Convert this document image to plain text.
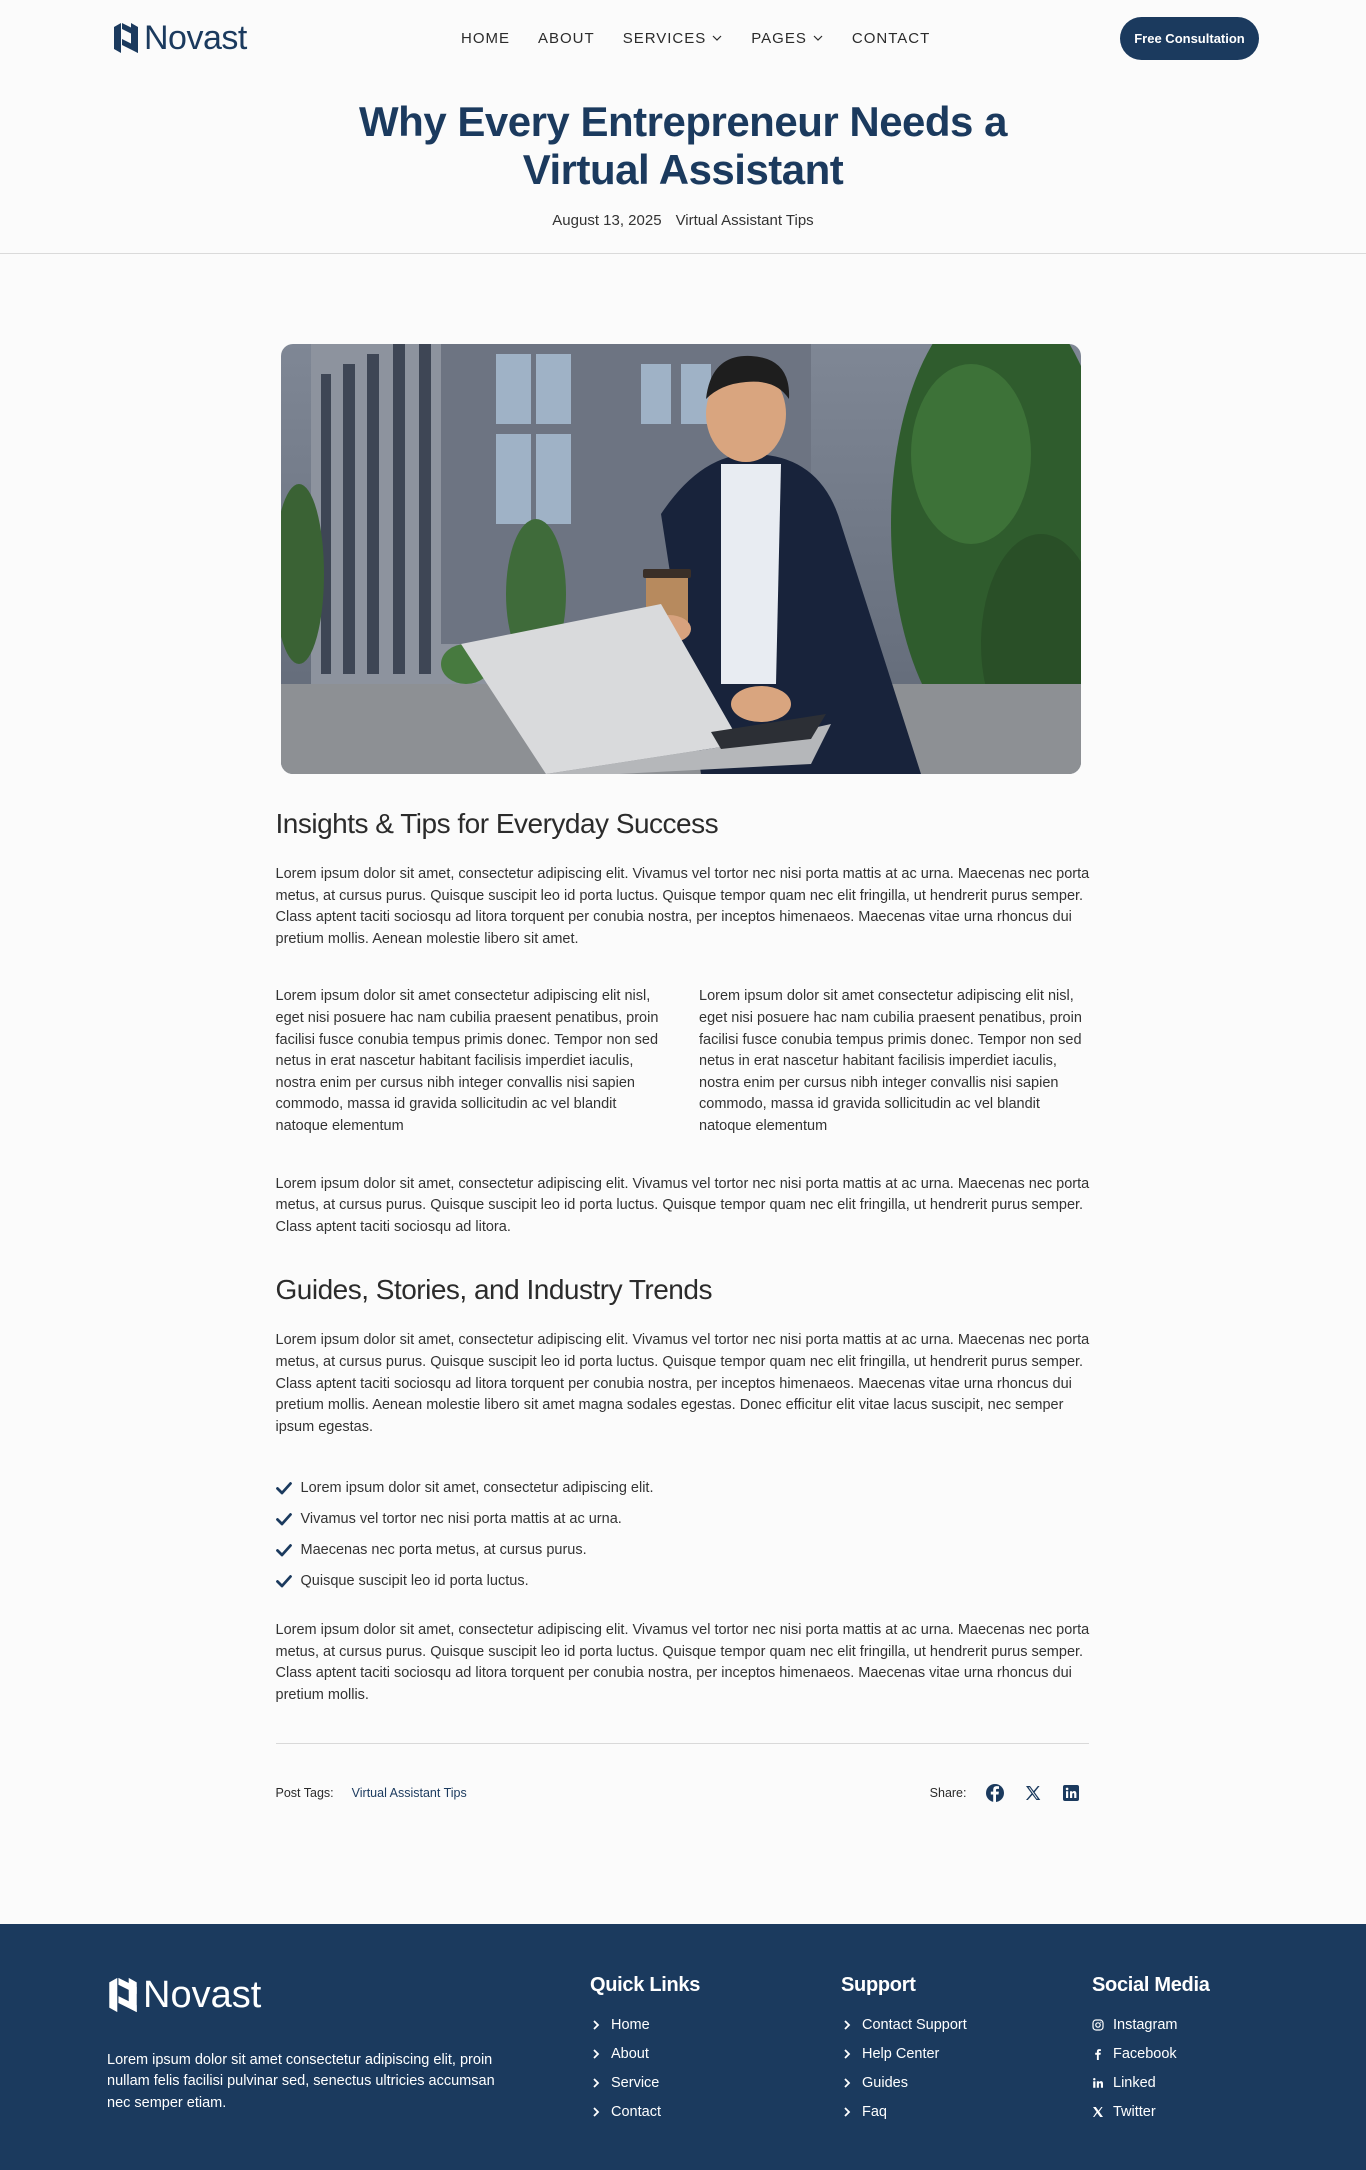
Novast	HOME ABOUT SERVICES	PAGES	CONTACT	Free Consultation
Why Every Entrepreneur Needs a Virtual Assistant
August 13, 2025 Virtual Assistant Tips
Insights & Tips for Everyday Success

Lorem ipsum dolor sit amet, consectetur adipiscing elit. Vivamus vel tortor nec nisi porta mattis at ac urna. Maecenas nec porta metus, at cursus purus. Quisque suscipit leo id porta luctus. Quisque tempor quam nec elit fringilla, ut hendrerit purus semper. Class aptent taciti sociosqu ad litora torquent per conubia nostra, per inceptos himenaeos. Maecenas vitae urna rhoncus dui pretium mollis. Aenean molestie libero sit amet.

Lorem ipsum dolor sit amet consectetur adipiscing elit nisl, eget nisi posuere hac nam cubilia praesent penatibus, proin facilisi fusce conubia tempus primis donec. Tempor non sed netus in erat nascetur habitant facilisis imperdiet iaculis, nostra enim per cursus nibh integer convallis nisi sapien commodo, massa id gravida sollicitudin ac vel blandit natoque elementum

Lorem ipsum dolor sit amet consectetur adipiscing elit nisl, eget nisi posuere hac nam cubilia praesent penatibus, proin facilisi fusce conubia tempus primis donec. Tempor non sed netus in erat nascetur habitant facilisis imperdiet iaculis, nostra enim per cursus nibh integer convallis nisi sapien commodo, massa id gravida sollicitudin ac vel blandit natoque elementum

Lorem ipsum dolor sit amet, consectetur adipiscing elit. Vivamus vel tortor nec nisi porta mattis at ac urna. Maecenas nec porta metus, at cursus purus. Quisque suscipit leo id porta luctus. Quisque tempor quam nec elit fringilla, ut hendrerit purus semper. Class aptent taciti sociosqu ad litora.

Guides, Stories, and Industry Trends

Lorem ipsum dolor sit amet, consectetur adipiscing elit. Vivamus vel tortor nec nisi porta mattis at ac urna. Maecenas nec porta metus, at cursus purus. Quisque suscipit leo id porta luctus. Quisque tempor quam nec elit fringilla, ut hendrerit purus semper. Class aptent taciti sociosqu ad litora torquent per conubia nostra, per inceptos himenaeos. Maecenas vitae urna rhoncus dui pretium mollis. Aenean molestie libero sit amet magna sodales egestas. Donec efficitur elit vitae lacus suscipit, nec semper ipsum egestas.

Lorem ipsum dolor sit amet, consectetur adipiscing elit.
Vivamus vel tortor nec nisi porta mattis at ac urna.
Maecenas nec porta metus, at cursus purus.
Quisque suscipit leo id porta luctus.

Lorem ipsum dolor sit amet, consectetur adipiscing elit. Vivamus vel tortor nec nisi porta mattis at ac urna. Maecenas nec porta metus, at cursus purus. Quisque suscipit leo id porta luctus. Quisque tempor quam nec elit fringilla, ut hendrerit purus semper. Class aptent taciti sociosqu ad litora torquent per conubia nostra, per inceptos himenaeos. Maecenas vitae urna rhoncus dui pretium mollis.

Post Tags: Virtual Assistant Tips	Share:
Novast

Lorem ipsum dolor sit amet consectetur adipiscing elit, proin nullam felis facilisi pulvinar sed, senectus ultricies accumsan nec semper etiam.

Quick Links
Home
About
Service
Contact
Support
Contact Support
Help Center
Guides
Faq
Social Media
Instagram
Facebook
Linked
Twitter
